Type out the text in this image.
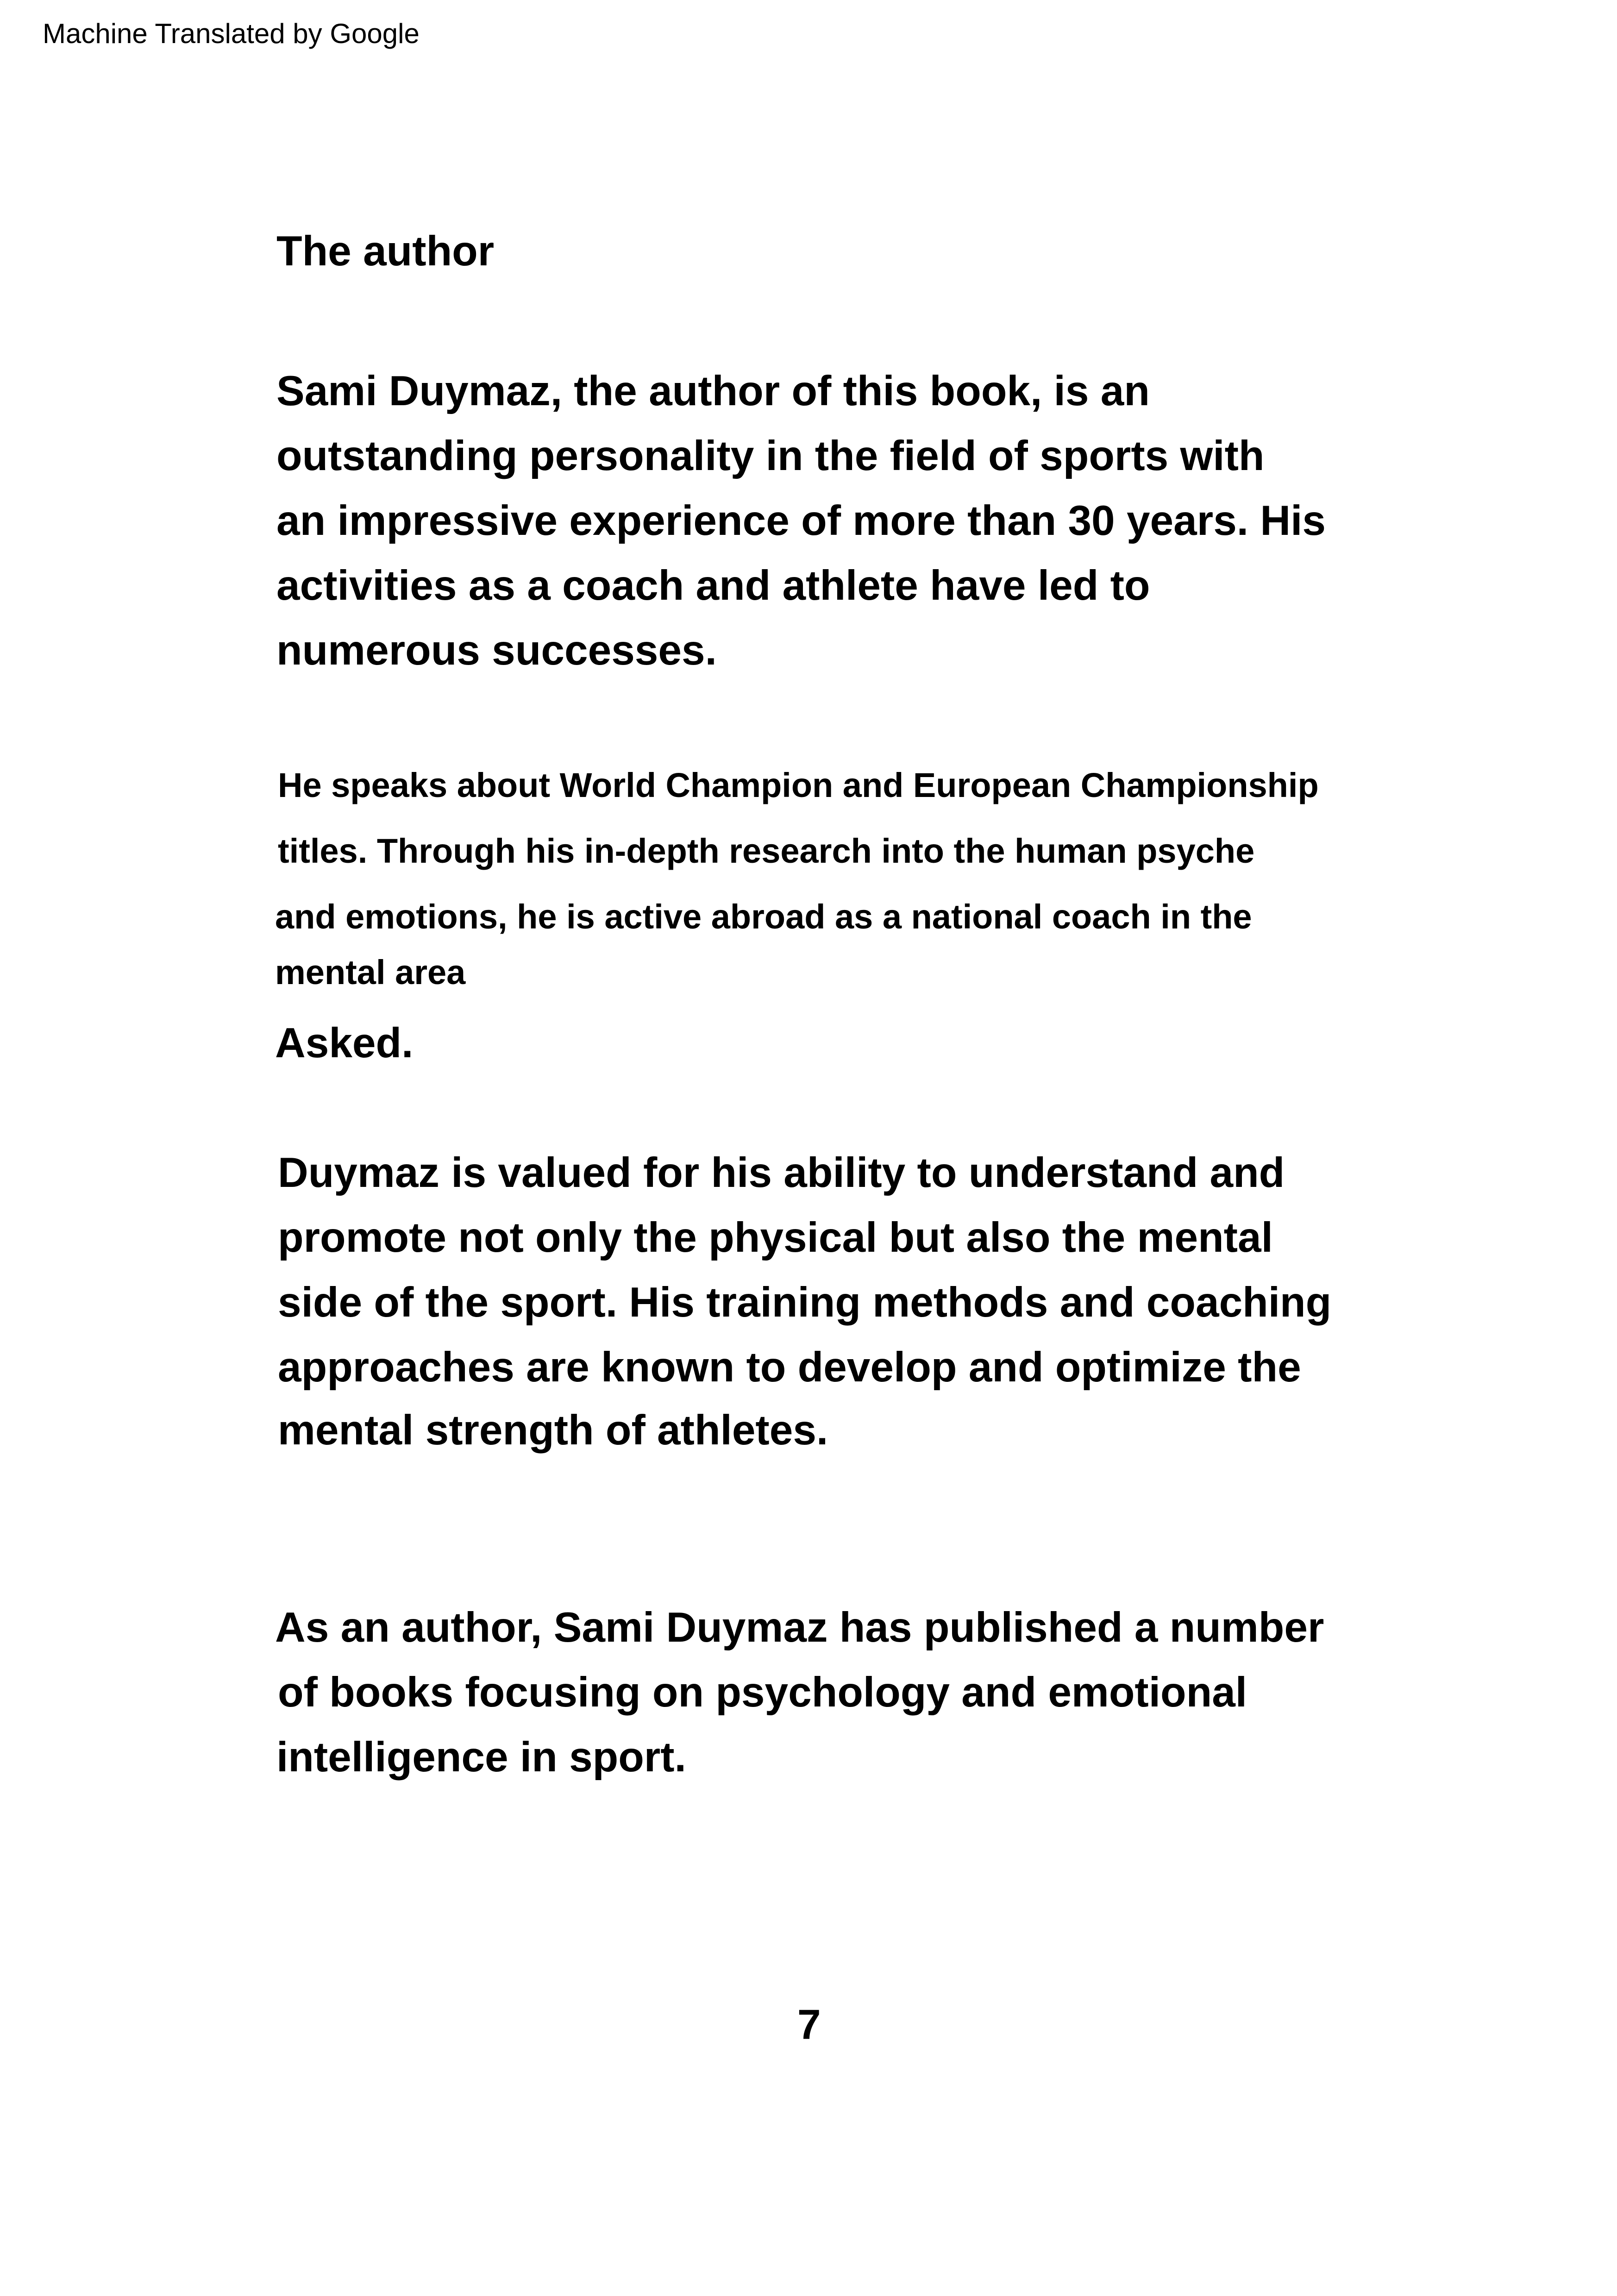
Machine Translated by Google
The author
Sami Duymaz, the author of this book, is an
outstanding personality in the field of sports with
an impressive experience of more than 30 years. His
activities as a coach and athlete have led to
numerous successes.
He speaks about World Champion and European Championship
titles. Through his in-depth research into the human psyche
and emotions, he is active abroad as a national coach in the
mental area
Asked.
Duymaz is valued for his ability to understand and
promote not only the physical but also the mental
side of the sport. His training methods and coaching
approaches are known to develop and optimize the
mental strength of athletes.
As an author, Sami Duymaz has published a number
of books focusing on psychology and emotional
intelligence in sport.
7
